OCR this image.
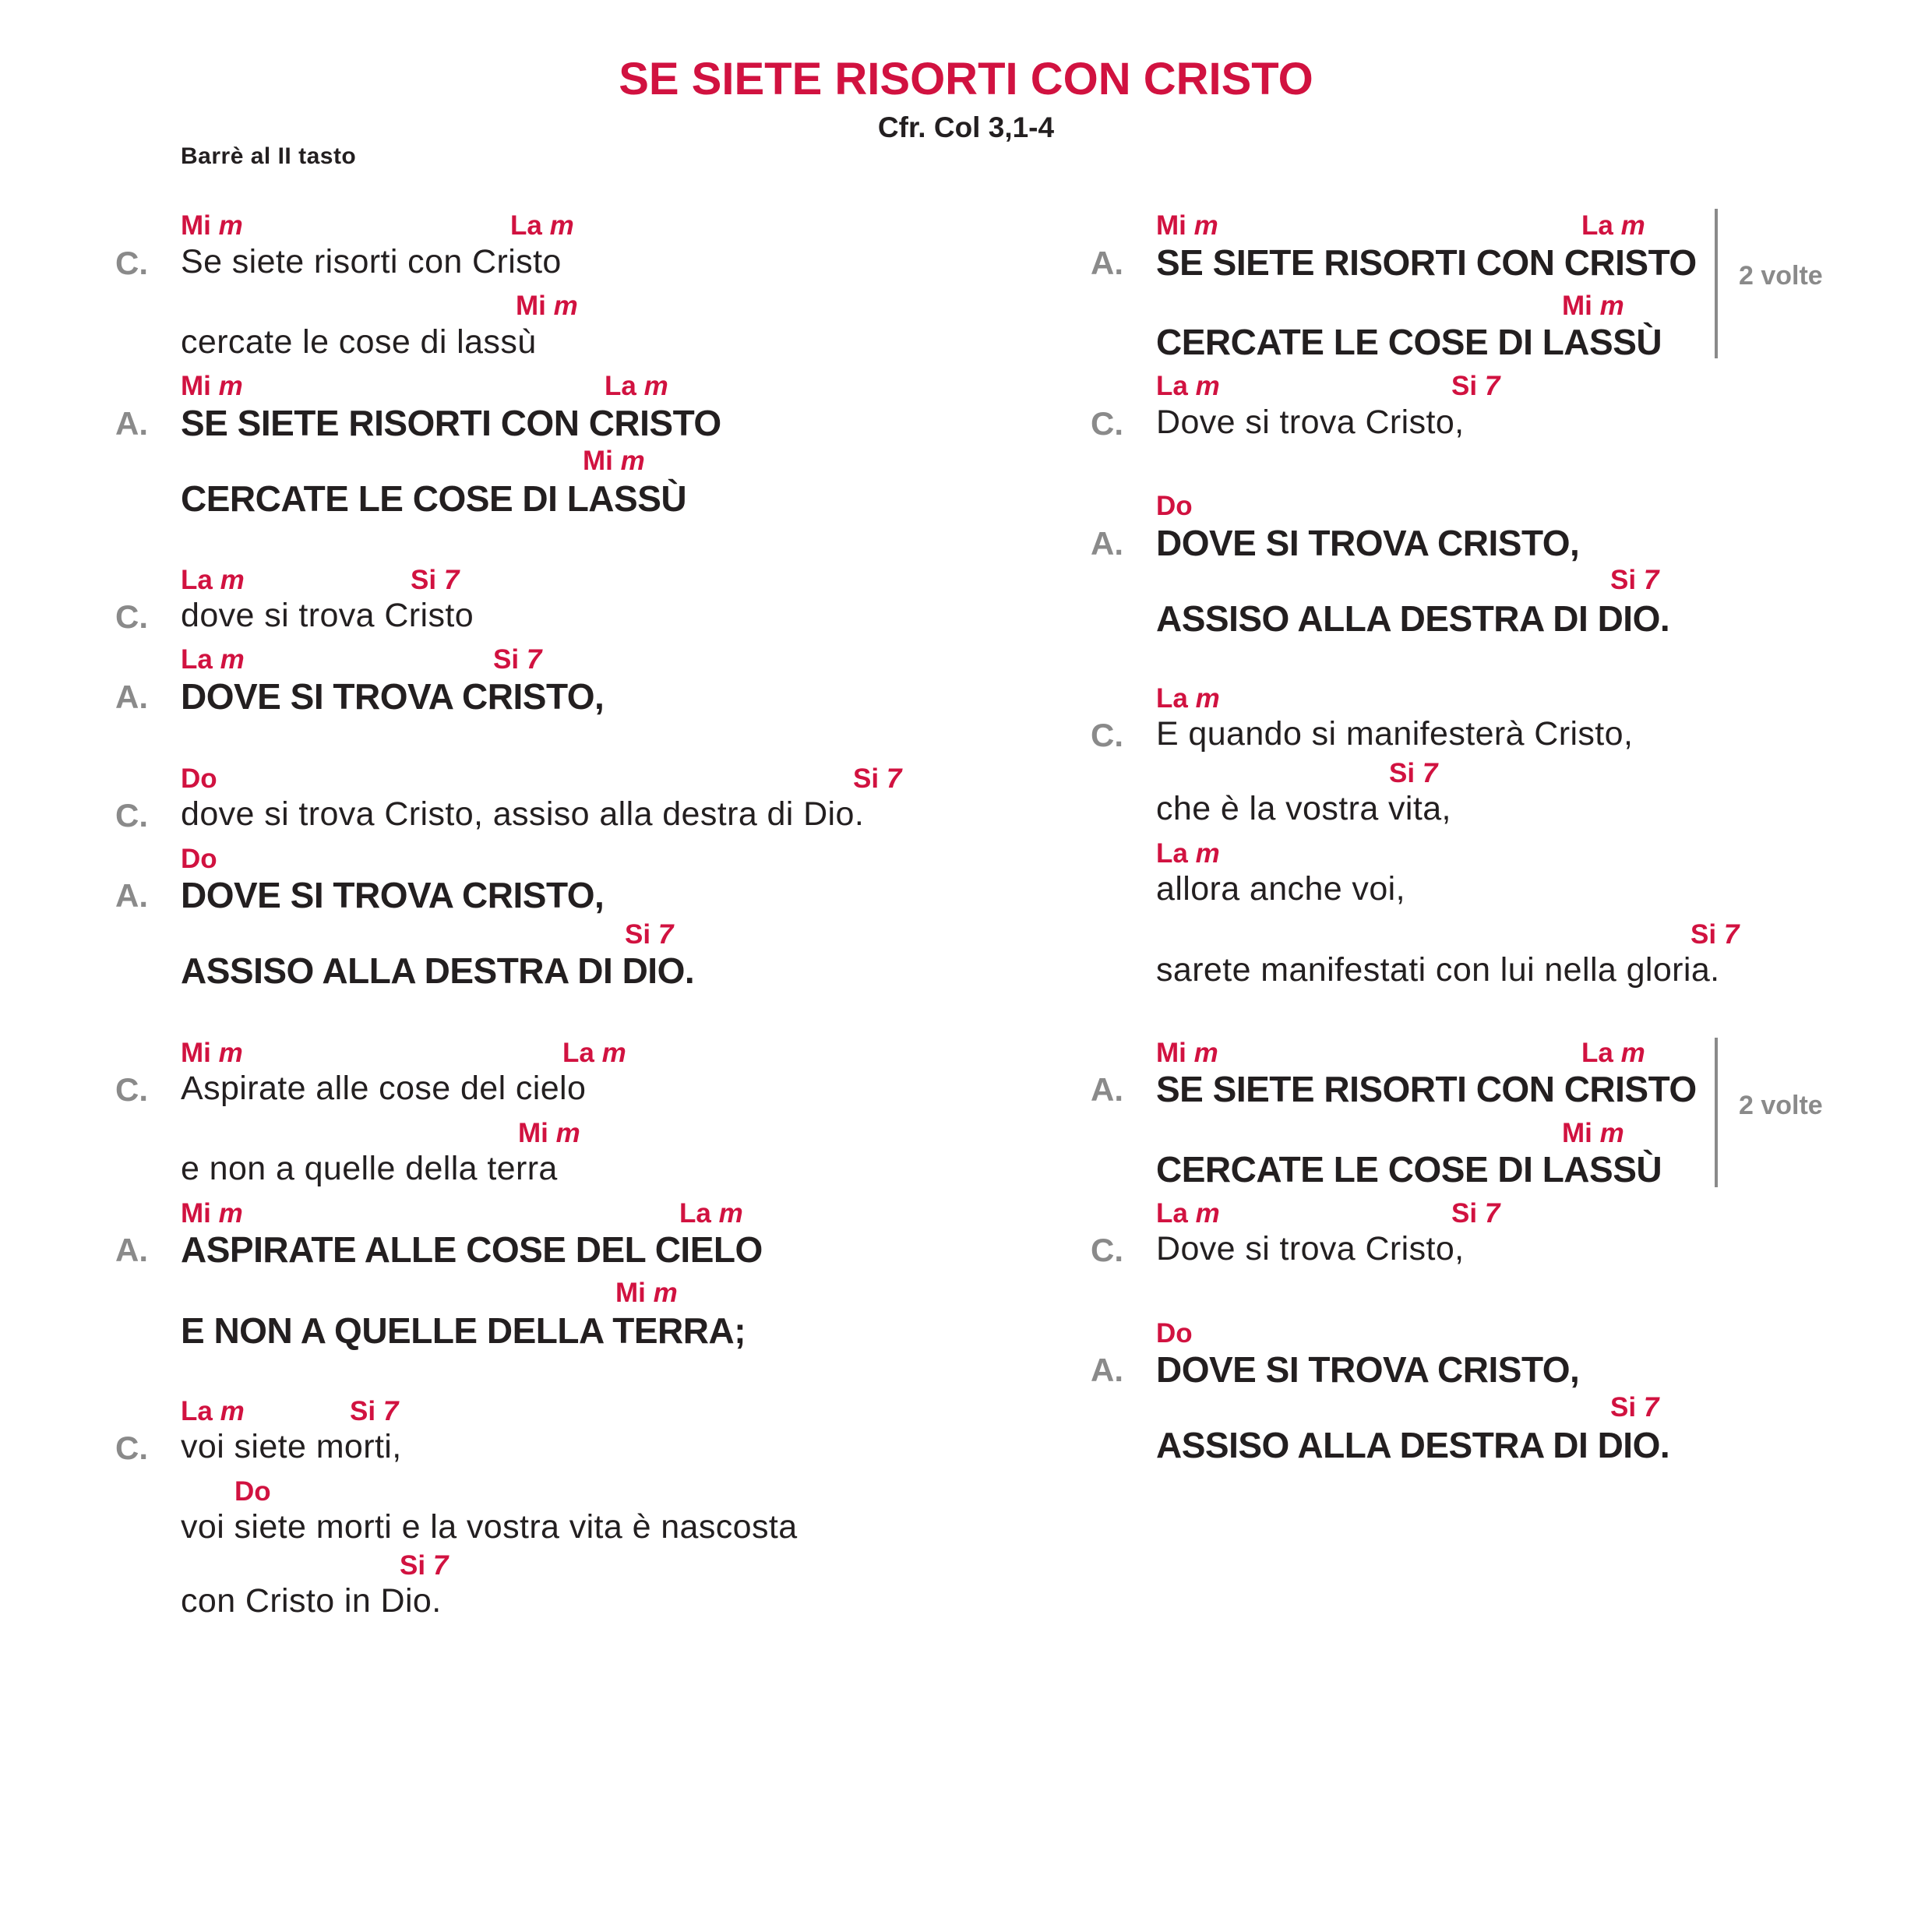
SE SIETE RISORTI CON CRISTO
Cfr. Col 3,1-4
Barrè al II tasto
Mi m	La m
C. Se siete risorti con Cristo
Mi m
cercate le cose di lassù
Mi m	La m
A. SE SIETE RISORTI CON CRISTO
Mi m
CERCATE LE COSE DI LASSÙ
La m	Si 7
C. dove si trova Cristo
La m	Si 7
A. DOVE SI TROVA CRISTO,
Do	Si 7
C. dove si trova Cristo, assiso alla destra di Dio.
Do
A. DOVE SI TROVA CRISTO,
Si 7
ASSISO ALLA DESTRA DI DIO.
Mi m	La m
C. Aspirate alle cose del cielo
Mi m
e non a quelle della terra
Mi m	La m
A. ASPIRATE ALLE COSE DEL CIELO
Mi m
E NON A QUELLE DELLA TERRA;
La m	Si 7
C. voi siete morti,
Do
voi siete morti e la vostra vita è nascosta
Si 7
con Cristo in Dio.
Mi m	La m
A. SE SIETE RISORTI CON CRISTO
Mi m
CERCATE LE COSE DI LASSÙ
2 volte
La m	Si 7
C. Dove si trova Cristo,
Do
A. DOVE SI TROVA CRISTO,
Si 7
ASSISO ALLA DESTRA DI DIO.
La m
C. E quando si manifesterà Cristo,
Si 7
che è la vostra vita,
La m
allora anche voi,
Si 7
sarete manifestati con lui nella gloria.
Mi m	La m
A. SE SIETE RISORTI CON CRISTO
Mi m
CERCATE LE COSE DI LASSÙ
2 volte
La m	Si 7
C. Dove si trova Cristo,
Do
A. DOVE SI TROVA CRISTO,
Si 7
ASSISO ALLA DESTRA DI DIO.
